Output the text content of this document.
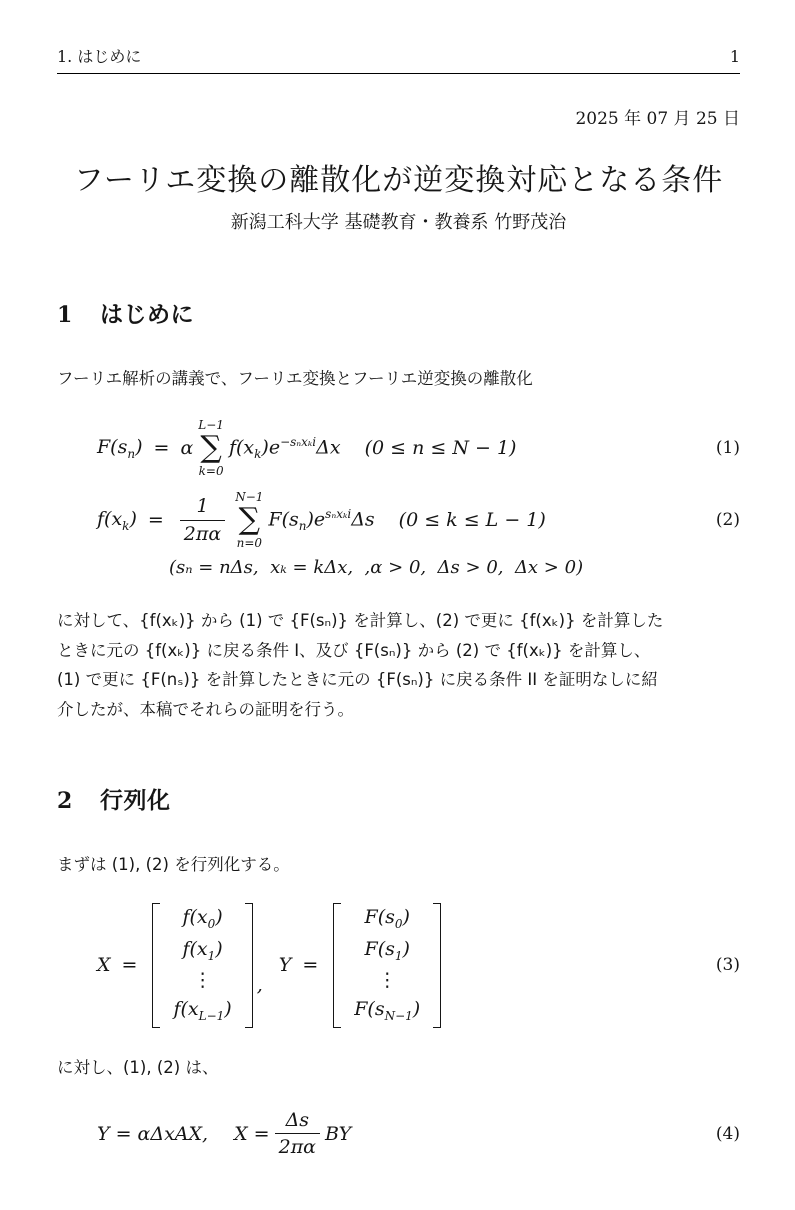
1. はじめに	1
2025 年 07 月 25 日
フーリエ変換の離散化が逆変換対応となる条件
新潟工科大学 基礎教育・教養系 竹野茂治
1	はじめに

フーリエ解析の講義で、フーリエ変換とフーリエ逆変換の離散化

$F(s_n) = \alpha$
L−1
∑
k=0
$f(x_k)e^{-s_nx_ki}\Delta x$ (0 ≤ n ≤ N − 1)	(1)
$f(x_k) = \frac{1}{2\pi\alpha} N-1$
∑
n=0
$F(s_n)e^{s_nx_ki}\Delta s$ (0 ≤ k ≤ L − 1)	(2)
(sₙ = nΔs,  xₖ = kΔx,  ,α > 0,  Δs > 0,  Δx > 0)
に対して、{f(xₖ)} から (1) で {F(sₙ)} を計算し、(2) で更に {f(xₖ)} を計算した
ときに元の {f(xₖ)} に戻る条件 I、及び {F(sₙ)} から (2) で {f(xₖ)} を計算し、
(1) で更に {F(nₛ)} を計算したときに元の {F(sₙ)} に戻る条件 II を証明なしに紹
介したが、本稿でそれらの証明を行う。
2	行列化

まずは (1), (2) を行列化する。

X =
$f(x_0)$
$f(x_1)$
⋮
$f(x_{L-1})$
,
Y =
$F(s_0)$
$F(s_1)$
⋮
$F(s_{N-1})$
(3)

に対し、(1), (2) は、

Y = αΔxAX, $X = \frac{\Delta s}{2\pi\alpha}$ BY	(4)
